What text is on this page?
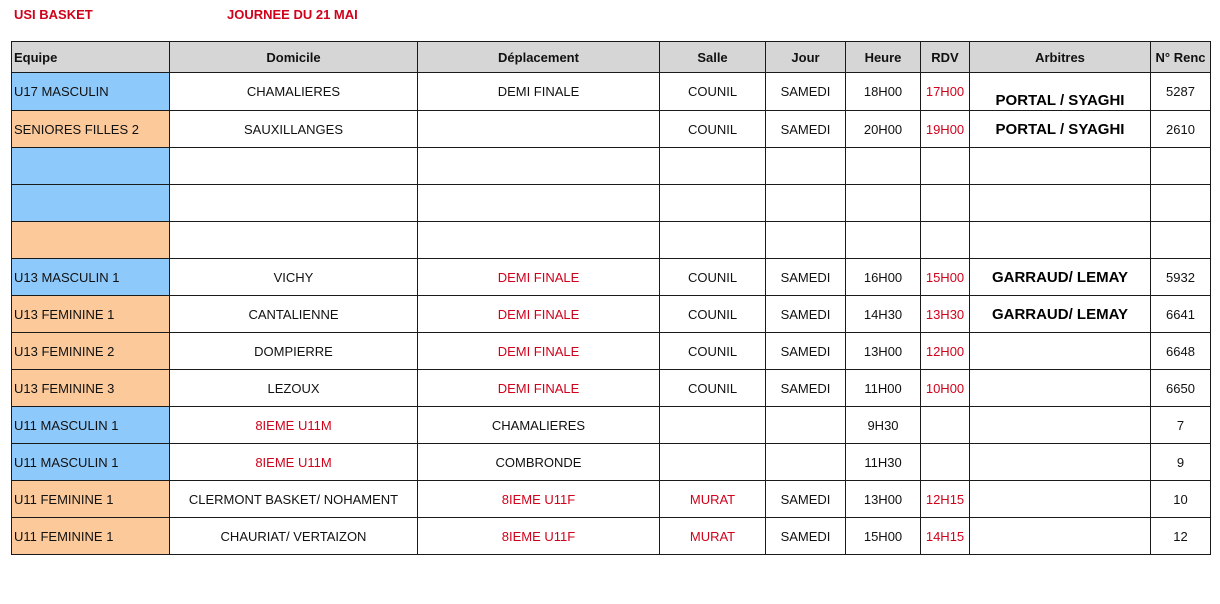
USI BASKET	JOURNEE DU 21 MAI
Equipe	Domicile	Déplacement	Salle	Jour	Heure	RDV	Arbitres	N° Renc
U17 MASCULIN	CHAMALIERES	DEMI FINALE	COUNIL	SAMEDI	18H00	17H00	PORTAL / SYAGHI	5287
SENIORES FILLES 2	SAUXILLANGES		COUNIL	SAMEDI	20H00	19H00	PORTAL / SYAGHI	2610

U13 MASCULIN 1	VICHY	DEMI FINALE	COUNIL	SAMEDI	16H00	15H00	GARRAUD/ LEMAY	5932
U13 FEMININE 1	CANTALIENNE	DEMI FINALE	COUNIL	SAMEDI	14H30	13H30	GARRAUD/ LEMAY	6641
U13 FEMININE 2	DOMPIERRE	DEMI FINALE	COUNIL	SAMEDI	13H00	12H00		6648
U13 FEMININE 3	LEZOUX	DEMI FINALE	COUNIL	SAMEDI	11H00	10H00		6650
U11 MASCULIN 1	8IEME U11M	CHAMALIERES			9H30			7
U11 MASCULIN 1	8IEME U11M	COMBRONDE			11H30			9
U11 FEMININE 1	CLERMONT BASKET/ NOHAMENT	8IEME U11F	MURAT	SAMEDI	13H00	12H15		10
U11 FEMININE 1	CHAURIAT/ VERTAIZON	8IEME U11F	MURAT	SAMEDI	15H00	14H15		12
